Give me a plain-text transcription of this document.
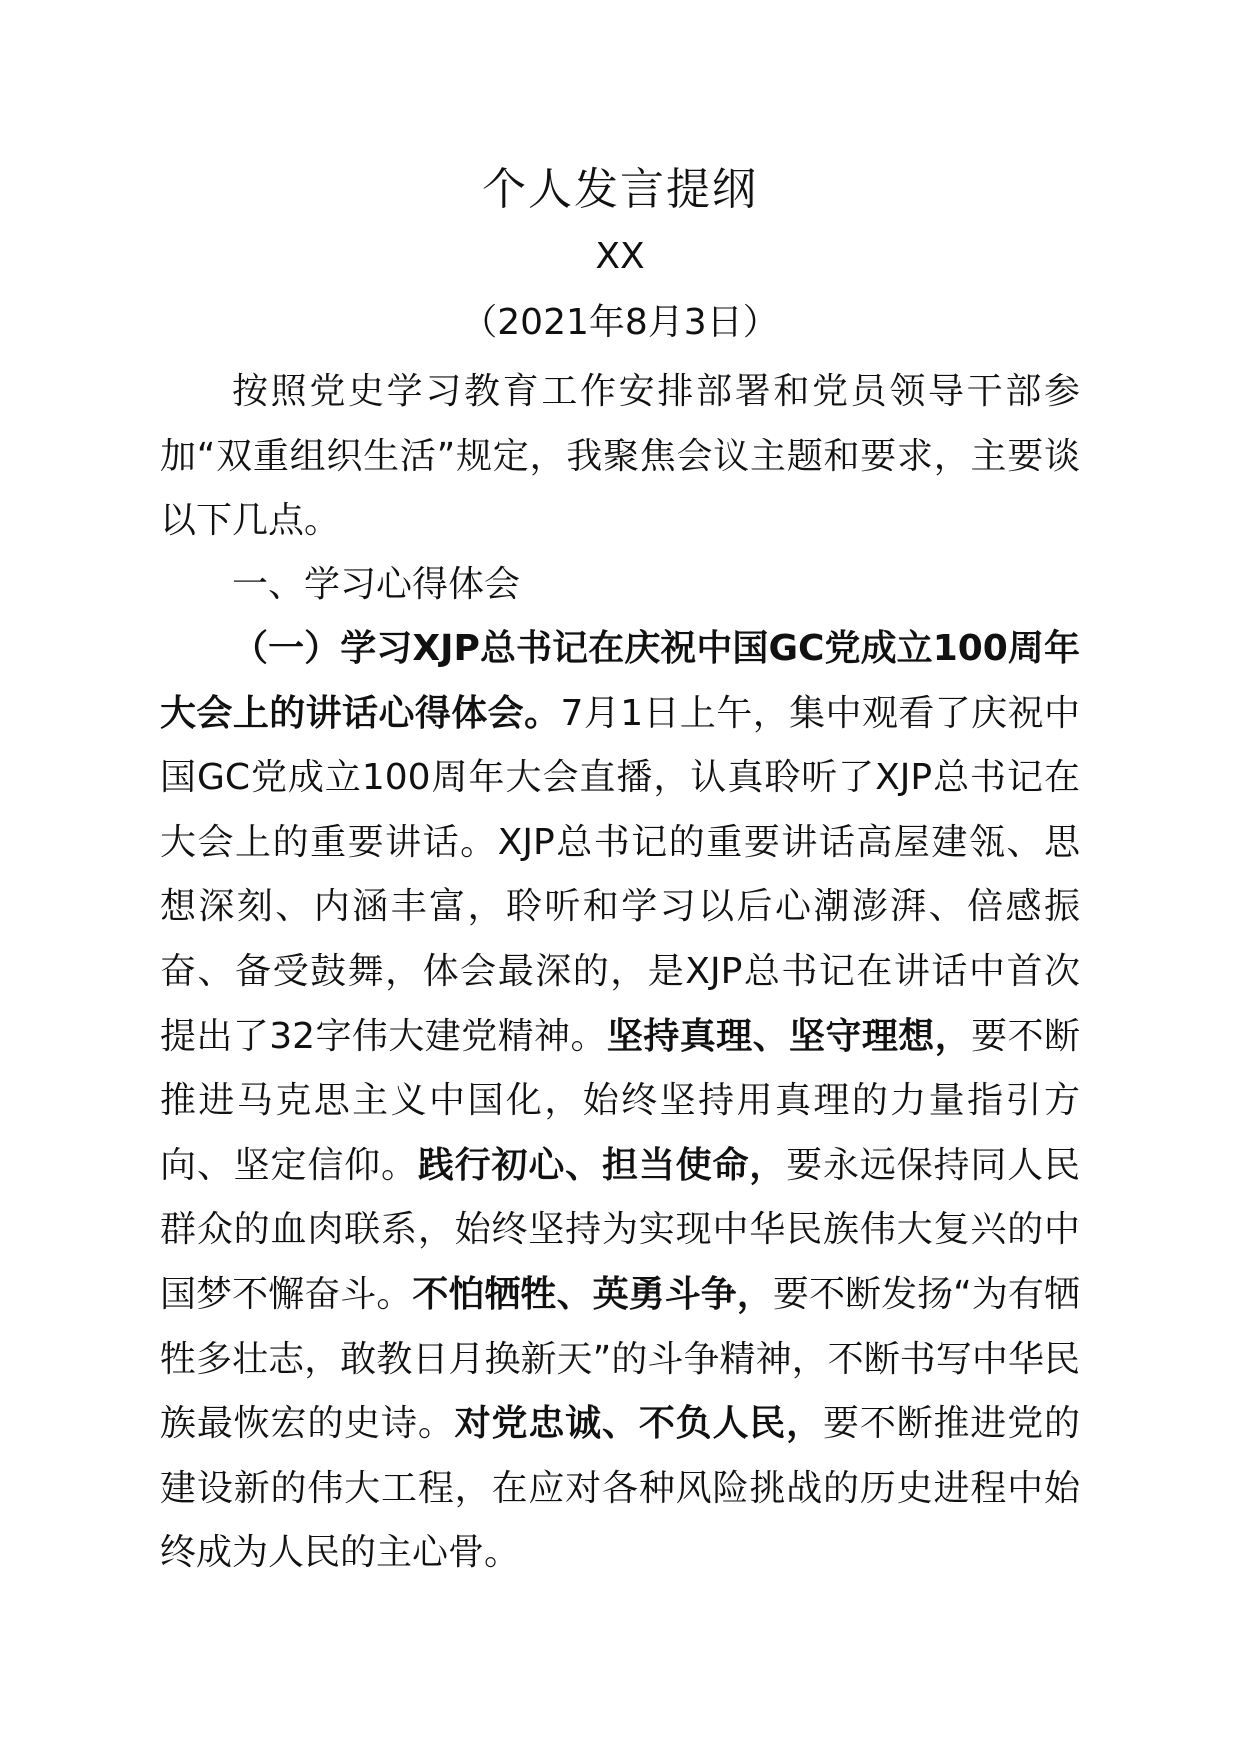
个人发言提纲
XX
（2021年8月3日）

按照党史学习教育工作安排部署和党员领导干部参加“双重组织生活”规定，我聚焦会议主题和要求，主要谈以下几点。

一、学习心得体会

（一）学习XJP总书记在庆祝中国GC党成立100周年大会上的讲话心得体会。7月1日上午，集中观看了庆祝中国GC党成立100周年大会直播，认真聆听了XJP总书记在大会上的重要讲话。XJP总书记的重要讲话高屋建瓴、思想深刻、内涵丰富，聆听和学习以后心潮澎湃、倍感振奋、备受鼓舞，体会最深的，是XJP总书记在讲话中首次提出了32字伟大建党精神。坚持真理、坚守理想，要不断推进马克思主义中国化，始终坚持用真理的力量指引方向、坚定信仰。践行初心、担当使命，要永远保持同人民群众的血肉联系，始终坚持为实现中华民族伟大复兴的中国梦不懈奋斗。不怕牺牲、英勇斗争，要不断发扬“为有牺牲多壮志，敢教日月换新天”的斗争精神，不断书写中华民族最恢宏的史诗。对党忠诚、不负人民，要不断推进党的建设新的伟大工程，在应对各种风险挑战的历史进程中始终成为人民的主心骨。
